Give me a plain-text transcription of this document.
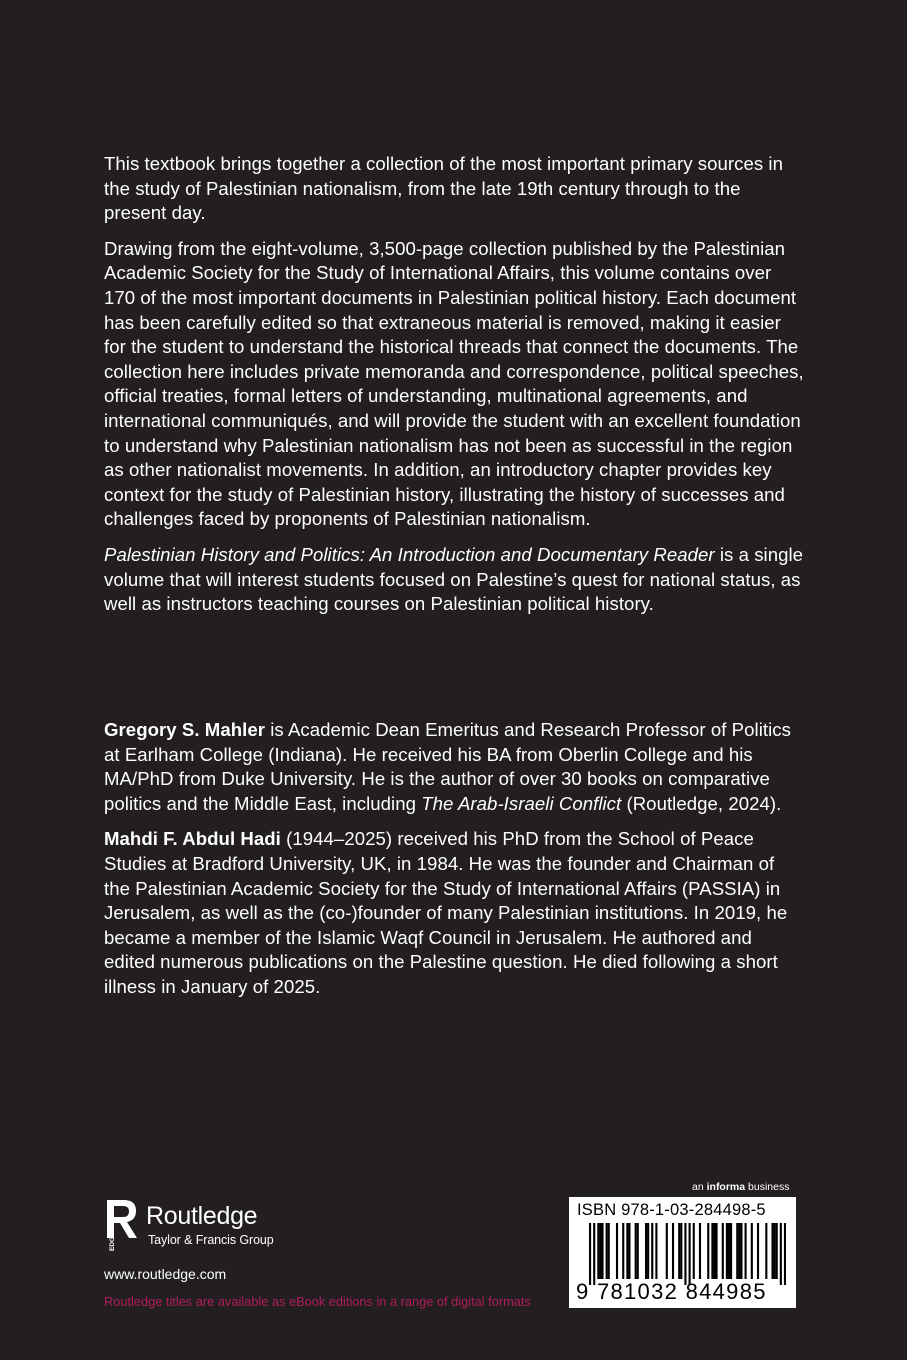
This textbook brings together a collection of the most important primary sources in the study of Palestinian nationalism, from the late 19th century through to the present day.

Drawing from the eight-volume, 3,500-page collection published by the Palestinian Academic Society for the Study of International Affairs, this volume contains over 170 of the most important documents in Palestinian political history. Each document has been carefully edited so that extraneous material is removed, making it easier for the student to understand the historical threads that connect the documents. The collection here includes private memoranda and correspondence, political speeches, official treaties, formal letters of understanding, multinational agreements, and international communiqués, and will provide the student with an excellent foundation to understand why Palestinian nationalism has not been as successful in the region as other nationalist movements. In addition, an introductory chapter provides key context for the study of Palestinian history, illustrating the history of successes and challenges faced by proponents of Palestinian nationalism.

Palestinian History and Politics: An Introduction and Documentary Reader is a single volume that will interest students focused on Palestine’s quest for national status, as well as instructors teaching courses on Palestinian political history.

Gregory S. Mahler is Academic Dean Emeritus and Research Professor of Politics at Earlham College (Indiana). He received his BA from Oberlin College and his MA/PhD from Duke University. He is the author of over 30 books on comparative politics and the Middle East, including The Arab-Israeli Conflict (Routledge, 2024).

Mahdi F. Abdul Hadi (1944–2025) received his PhD from the School of Peace Studies at Bradford University, UK, in 1984. He was the founder and Chairman of the Palestinian Academic Society for the Study of International Affairs (PASSIA) in Jerusalem, as well as the (co-)founder of many Palestinian institutions. In 2019, he became a member of the Islamic Waqf Council in Jerusalem. He authored and edited numerous publications on the Palestine question. He died following a short illness in January of 2025.

EDGE
Routledge
Taylor & Francis Group
www.routledge.com
Routledge titles are available as eBook editions in a range of digital formats
an informa business
ISBN 978-1-03-284498-5
9 781032 844985
